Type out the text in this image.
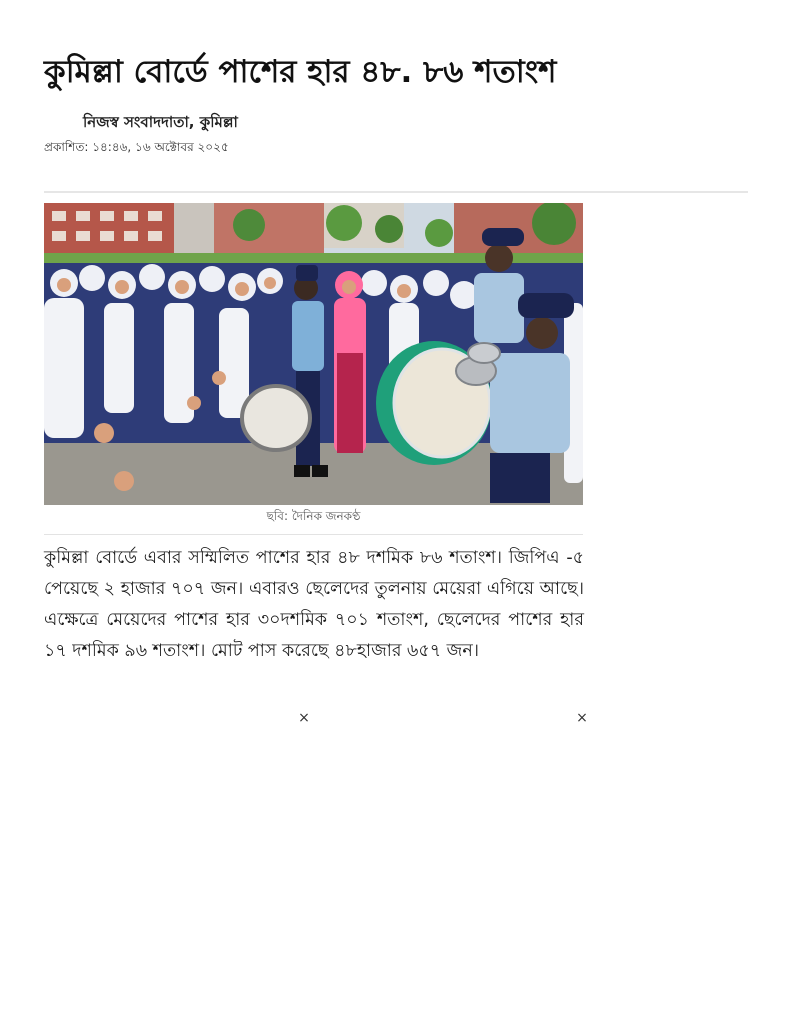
কুমিল্লা বোর্ডে পাশের হার ৪৮. ৮৬ শতাংশ
নিজস্ব সংবাদদাতা, কুমিল্লা
প্রকাশিত: ১৪:৪৬, ১৬ অক্টোবর ২০২৫
ছবি: দৈনিক জনকণ্ঠ

কুমিল্লা বোর্ডে এবার সম্মিলিত পাশের হার ৪৮ দশমিক ৮৬ শতাংশ। জিপিএ -৫ পেয়েছে ২ হাজার ৭০৭ জন। এবারও ছেলেদের তুলনায় মেয়েরা এগিয়ে আছে। এক্ষেত্রে মেয়েদের পাশের হার ৩০দশমিক ৭০১ শতাংশ, ছেলেদের পাশের হার ১৭ দশমিক ৯৬ শতাংশ। মোট পাস করেছে ৪৮হাজার ৬৫৭ জন।

×	×
